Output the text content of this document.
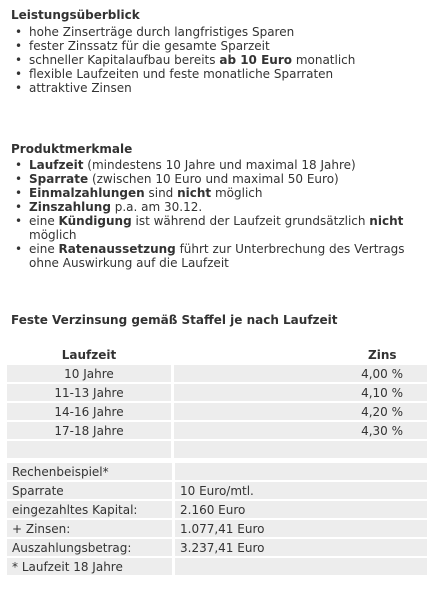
Leistungsüberblick

• hohe Zinserträge durch langfristiges Sparen
• fester Zinssatz für die gesamte Sparzeit
• schneller Kapitalaufbau bereits ab 10 Euro monatlich
• flexible Laufzeiten und feste monatliche Sparraten
• attraktive Zinsen

Produktmerkmale

• Laufzeit (mindestens 10 Jahre und maximal 18 Jahre)
• Sparrate (zwischen 10 Euro und maximal 50 Euro)
• Einmalzahlungen sind nicht möglich
• Zinszahlung p.a. am 30.12.
• eine Kündigung ist während der Laufzeit grundsätzlich nicht
möglich
• eine Ratenaussetzung führt zur Unterbrechung des Vertrags
ohne Auswirkung auf die Laufzeit

Feste Verzinsung gemäß Staffel je nach Laufzeit

Laufzeit		Zins
10 Jahre		4,00 %
11-13 Jahre		4,10 %
14-16 Jahre		4,20 %
17-18 Jahre		4,30 %

Rechenbeispiel*		
Sparrate		10 Euro/mtl.
eingezahltes Kapital:		2.160 Euro
+ Zinsen:		1.077,41 Euro
Auszahlungsbetrag:		3.237,41 Euro
* Laufzeit 18 Jahre		
